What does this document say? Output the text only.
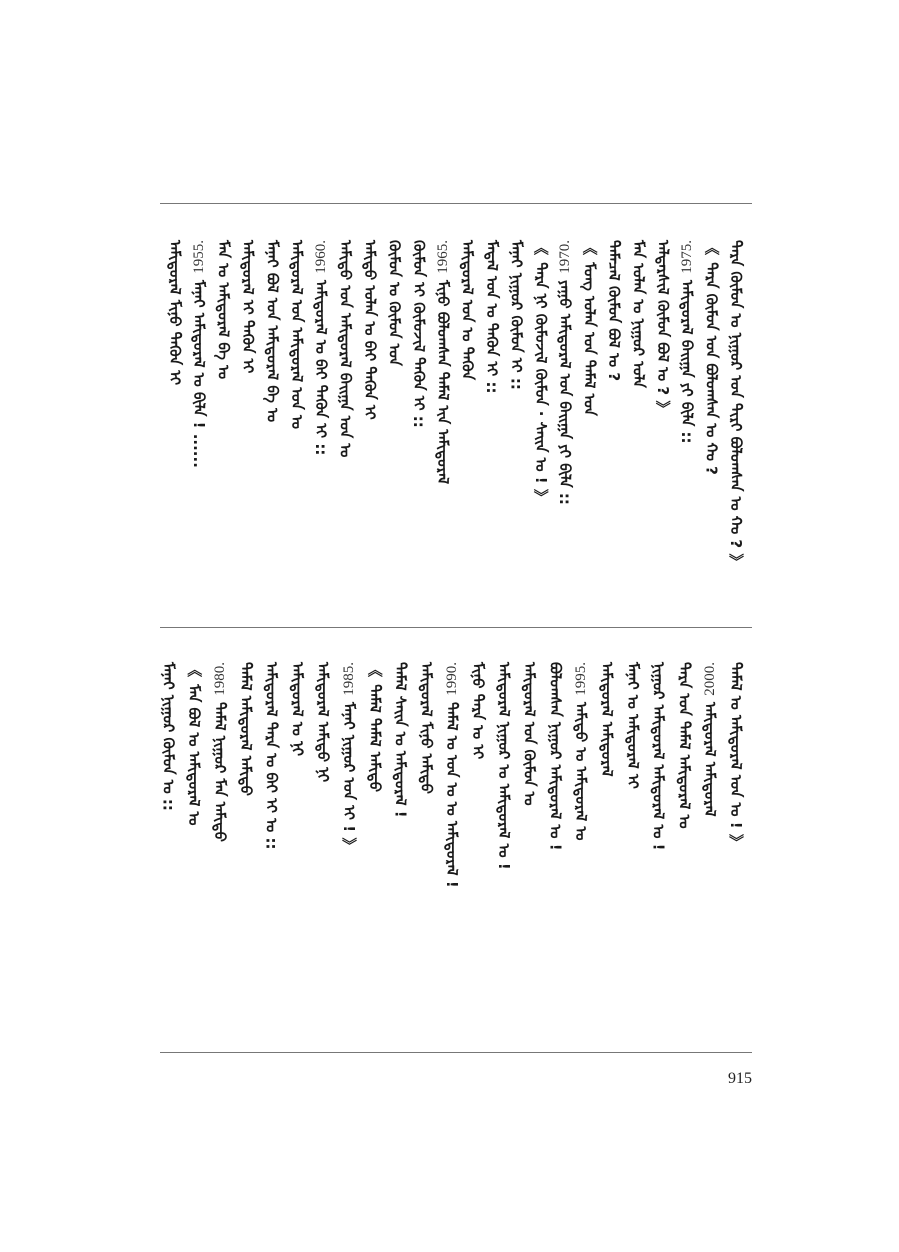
ᠲᠡᠷᠡ ᠬᠦᠮᠦᠨ ᠣ ᠨᠢᠭᠤᠷ ᠤᠨ ᠲᠢᠷᠢ ᠪᠣᠯᠣᠭᠰᠠᠨ ᠤ ᠬᠣ ? 》
《 ᠲᠡᠷᠡ ᠬᠦᠮᠦᠨ ᠤᠨ ᠪᠣᠯᠤᠭᠰᠠᠨ ᠤ ᠬᠣ ?
1975.ᠠᠮᠢᠳᠤᠷᠠᠯ ᠪᠠᠢᠭᠠ ᠶᠢ ᠪᠢᠯᠡ ::
ᠠᠯᠳᠠᠷᠰᠢᠯ ᠬᠦᠮᠦᠨ ᠪᠣᠯ ᠤ ? 》
ᠮᠠᠨ ᠣᠯᠠᠨ ᠤ ᠨᠢᠭᠤᠷ ᠣᠯᠠ
ᠲᠡᠮᠡᠴᠡᠯ ᠬᠦᠮᠦᠨ ᠪᠣᠯ ᠤ ?
《 ᠮᠣᠩ ᠣᠯᠠᠨ ᠤᠨ ᠲᠡᠮᠡᠯ ᠤᠨ
1970.ᠶᠠᠭᠤ ᠠᠮᠢᠳᠤᠷᠠᠯ ᠤᠨ ᠪᠠᠢᠭᠠ ᠶᠢ ᠪᠢᠯᠡ ::
《 ᠲᠡᠷᠡ ᠨᠢ ᠬᠦᠮᠦᠵᠢᠯ ᠬᠦᠮᠦᠨ · ᠰᠠᠢᠨ ᠤ ! 》
ᠮᠠᠨᠠᠢ ᠨᠢᠭᠤᠷ ᠬᠦᠮᠦᠨ ᠢ ::
ᠮᠡᠳᠡᠯ ᠤᠨ ᠤ ᠲᠡᠭᠦᠨ ᠢ ::
ᠠᠮᠢᠳᠤᠷᠠᠯ ᠤᠨ ᠤ ᠲᠡᠭᠦᠨ
1965.ᠮᠢᠨᠦ ᠪᠣᠯᠣᠭᠰᠠᠨ ᠲᠡᠮᠡᠯ ᠢᠨ ᠠᠮᠢᠳᠤᠷᠠᠯ
ᠬᠦᠮᠦᠨ ᠢ ᠬᠦᠮᠦᠵᠢᠯ ᠲᠡᠭᠦᠨ ᠢ ::
ᠬᠦᠮᠦᠨ ᠤ ᠬᠦᠮᠦᠨ ᠤᠨ
ᠠᠮᠢᠳᠤ ᠣᠯᠠᠨ ᠤ ᠪᠠᠢ ᠲᠡᠭᠦᠨ ᠢ
ᠠᠮᠢᠳᠤ ᠤᠨ ᠠᠮᠢᠳᠤᠷᠠᠯ ᠪᠠᠢᠭᠠ ᠤᠨ ᠤ
1960.ᠠᠮᠢᠳᠤᠷᠠᠯ ᠤ ᠪᠠᠢ ᠲᠡᠭᠦᠨ ᠢ ::
ᠠᠮᠢᠳᠤᠷᠠᠯ ᠤᠨ ᠠᠮᠢᠳᠤᠷᠠᠯ ᠤᠨ ᠤ
ᠮᠠᠨᠠᠢ ᠪᠣᠯ ᠤᠨ ᠠᠮᠢᠳᠤᠷᠠᠯ ᠪᠠ ᠤ
ᠠᠮᠢᠳᠤᠷᠠᠯ ᠢ ᠲᠡᠭᠦᠨ ᠢ
ᠮᠠᠨ ᠤ ᠠᠮᠢᠳᠤᠷᠠᠯ ᠪᠠ ᠤ
1955.ᠮᠠᠨᠠᠢ ᠠᠮᠢᠳᠤᠷᠠᠯ ᠤ ᠪᠢᠯᠡ ! ......
ᠠᠮᠢᠳᠤᠷᠠᠯ ᠮᠢᠨᠦ ᠲᠡᠭᠦᠨ ᠢ
ᠲᠡᠮᠡᠯ ᠤ ᠠᠮᠢᠳᠤᠷᠠᠯ ᠤᠨ ᠤ ! 》
2000.ᠠᠮᠢᠳᠤᠷᠠᠯ ᠠᠮᠢᠳᠤᠷᠠᠯ
ᠲᠡᠷᠡ ᠤᠨ ᠲᠡᠮᠡᠯ ᠠᠮᠢᠳᠤᠷᠠᠯ ᠤ
ᠨᠢᠭᠤᠷ ᠠᠮᠢᠳᠤᠷᠠᠯ ᠠᠮᠢᠳᠤᠷᠠᠯ ᠤ !
ᠮᠠᠨᠠᠢ ᠤ ᠠᠮᠢᠳᠤᠷᠠᠯ ᠢ
ᠠᠮᠢᠳᠤᠷᠠᠯ ᠠᠮᠢᠳᠤᠷᠠᠯ
1995.ᠠᠮᠢᠳᠤ ᠤ ᠠᠮᠢᠳᠤᠷᠠᠯ ᠤ
ᠪᠣᠯᠣᠭᠰᠠᠨ ᠨᠢᠭᠤᠷ ᠠᠮᠢᠳᠤᠷᠠᠯ ᠤ !
ᠠᠮᠢᠳᠤᠷᠠᠯ ᠤᠨ ᠬᠦᠮᠦᠨ ᠤ
ᠠᠮᠢᠳᠤᠷᠠᠯ ᠨᠢᠭᠤᠷ ᠤ ᠠᠮᠢᠳᠤᠷᠠᠯ ᠤ !
ᠮᠢᠨᠦ ᠲᠡᠷᠡ ᠤ ᠢ
1990.ᠲᠡᠮᠡᠯ ᠤ ᠤᠨ ᠤ ᠤ ᠠᠮᠢᠳᠤᠷᠠᠯ !
ᠠᠮᠢᠳᠤᠷᠠᠯ ᠮᠢᠨᠦ ᠠᠮᠢᠳᠤ
ᠲᠡᠮᠡᠯ ᠰᠠᠢᠨ ᠤ ᠠᠮᠢᠳᠤᠷᠠᠯ !
《 ᠲᠡᠮᠡᠯ ᠲᠡᠮᠡᠯ ᠠᠮᠢᠳᠤ
1985.ᠮᠠᠨᠠᠢ ᠨᠢᠭᠤᠷ ᠤᠨ ᠢ ! 》
ᠠᠮᠢᠳᠤᠷᠠᠯ ᠠᠮᠢᠳᠤ ᠨᠢ
ᠠᠮᠢᠳᠤᠷᠠᠯ ᠤ ᠨᠢ
ᠠᠮᠢᠳᠤᠷᠠᠯ ᠲᠡᠷᠡ ᠤ ᠪᠠᠢ ᠢ ᠤ ::
ᠲᠡᠮᠡᠯ ᠠᠮᠢᠳᠤᠷᠠᠯ ᠠᠮᠢᠳᠤ
1980.ᠲᠡᠮᠡᠯ ᠨᠢᠭᠤᠷ ᠮᠠᠨ ᠠᠮᠢᠳᠤ
《 ᠮᠠᠨ ᠪᠣᠯ ᠤ ᠠᠮᠢᠳᠤᠷᠠᠯ ᠤ
ᠮᠠᠨᠠᠢ ᠨᠢᠭᠤᠷ ᠬᠦᠮᠦᠨ ᠤ ::
915
